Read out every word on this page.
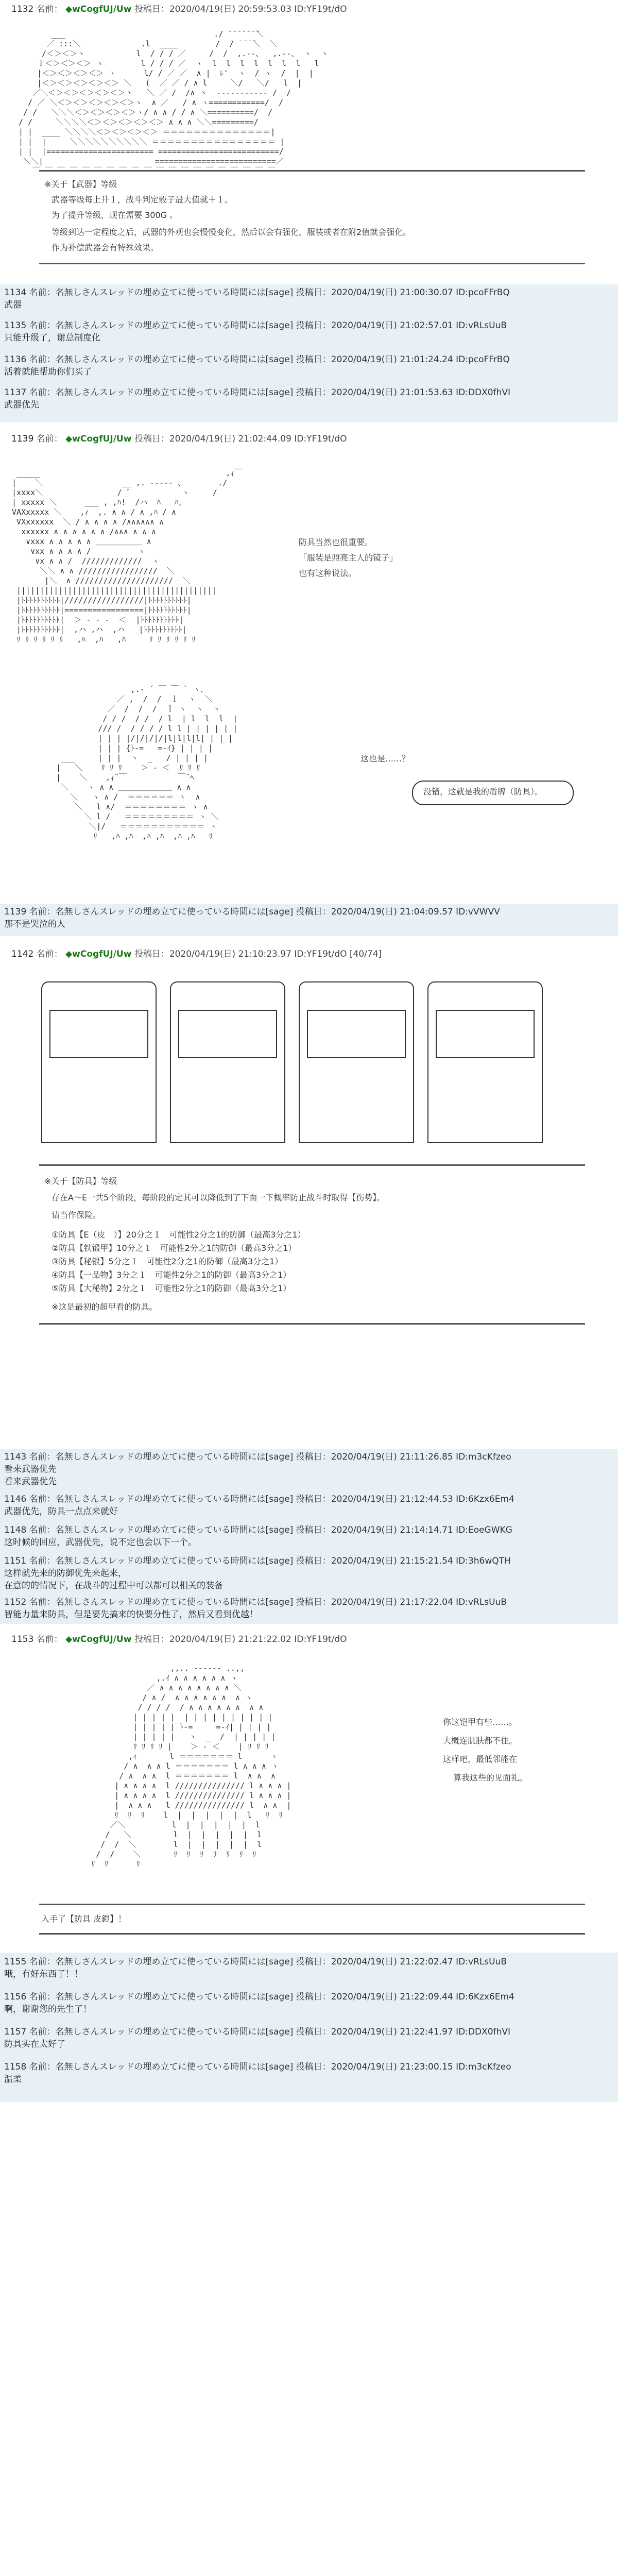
1132 名前： ◆wCogfUJ/Uw 投稿日：2020/04/19(日) 20:59:53.03 ID:YF19t/dO

___                                ./ ̄ ̄ ̄ ̄ ̄ ̄ ̄＼
／ :::＼             .l  ____        /  / ̄ ̄ ̄ ̄＼  ＼
/＜＞＜＞ヽ           l  / / / ／     /  /  ,.--、  ,.--、 ヽ  ヽ
ｌ＜＞＜＞＜＞ ヽ        l / / / ／  ヽ  l  l  l  l  l  l  l   l
|＜＞＜＞＜＞＜＞ ヽ      l/ / ／ ／  ∧ |  ﾚ'  ヽ  / ヽ  /  |  |
|＜＞＜＞＜＞＜＞＜＞ ＼   (  ／ ／ / ∧ l     ＼/   ＼/   l  |
／＼＜＞＜＞＜＞＜＞＜＞ヽ   ＼ ／ /  /∧ ヽ  ----------- /  /
/ ／ ＼＜＞＜＞＜＞＜＞＜＞ヽ  ∧ ／   / ∧ ヽ============/  /
/ /   ＼＼＼＜＞＜＞＜＞＜＞ヽ/ ∧ ∧ / / ∧ ＼==========/  /
/ /     ＼＼＼＼＜＞＜＞＜＞＜＞＜＞ ∧ ∧ ∧ ＼＼=========/
| |  ____ ＼＼＼＼＜＞＜＞＜＞＜＞ ＝＝＝＝＝＝＝＝＝＝＝＝＝＝|
| |  |     ＼＼＼＼＼＼＼＼＼＼ ＝＝＝＝＝＝＝＝＝＝＝＝＝＝＝＝ |
| |  |======================= ==========================/
＼＼|                        ==========================／
￣ ￣ ￣ ￣ ￣ ￣ ￣ ￣ ￣ ￣ ￣ ￣ ￣ ￣ ￣ ￣ ￣ ￣ ￣ ￣
※关于【武器】等级
武器等级每上升１，战斗判定骰子最大值就＋１。
为了提升等级，现在需要 300G 。
等级到达一定程度之后，武器的外观也会慢慢变化，然后以会有强化，服装或者在附2值就会强化。
作为补偿武器会有特殊效果。
1134 名前：名無しさんスレッドの埋め立てに使っている時間には[sage] 投稿日：2020/04/19(日) 21:00:30.07 ID:pcoFFrBQ
武器
1135 名前：名無しさんスレッドの埋め立てに使っている時間には[sage] 投稿日：2020/04/19(日) 21:02:57.01 ID:vRLsUuB
只能升级了，谢总制度化
1136 名前：名無しさんスレッドの埋め立てに使っている時間には[sage] 投稿日：2020/04/19(日) 21:01:24.24 ID:pcoFFrBQ
活着就能帮助你们买了
1137 名前：名無しさんスレッドの埋め立てに使っている時間には[sage] 投稿日：2020/04/19(日) 21:01:53.63 ID:DDX0fhVI
武器优先
1139 名前： ◆wCogfUJ/Uw 投稿日：2020/04/19(日) 21:02:44.09 ID:YF19t/dO

_____                                        ,ｨ￣
|    ＼                 __ ,. -‐‐‐- 、       ./
|xxxx＼                / ﾞ           ヽ     /
| xxxxx ＼      ___ , ,ﾊ!  /ハ  ﾊ   ﾊ、
VAXxxxxx ＼    ,ｨ  ,. ∧ ∧ / ∧ ,ﾊ / ∧
VXxxxxxx  ＼ / ∧ ∧ ∧ ∧ /∧∧∧∧∧∧ ∧
xxxxxx ∧ ∧ ∧ ∧ ∧ ∧ /∧∧∧ ∧ ∧ ∧
∨xxx ∧ ∧ ∧ ∧ ∧ ＿＿＿＿＿＿ ∧
∨xx ∧ ∧ ∧ ∧ /          ヽ
∨x ∧ ∧ /  /////////////  ヽ
＼＼ ∧ ∧ /////////////////  ＼
_____|＼  ∧ /////////////////////  ＼___
|||||||||||||||||||||||||||||||||||||||||||
|ﾄﾄﾄﾄﾄﾄﾄﾄﾄﾄ|/////////////////|ﾄﾄﾄﾄﾄﾄﾄﾄﾄﾄ|
|ﾄﾄﾄﾄﾄﾄﾄﾄﾄﾄ|=================|ﾄﾄﾄﾄﾄﾄﾄﾄﾄﾄ|
|ﾄﾄﾄﾄﾄﾄﾄﾄﾄﾄ|  ＞ ‐ - ‐  ＜  |ﾄﾄﾄﾄﾄﾄﾄﾄﾄﾄ|
|ﾄﾄﾄﾄﾄﾄﾄﾄﾄﾄ|  ,ハ ,ハ  ,ハ   |ﾄﾄﾄﾄﾄﾄﾄﾄﾄﾄ|
ﾘ ﾘ ﾘ ﾘ ﾘ ﾘ   ,ﾊ  ,ﾊ   ,ﾊ     ﾘ ﾘ ﾘ ﾘ ﾘ ﾘ
防具当然也很重要。
「服装是照亮主人的镜子」
也有这种说法。

,.- ´ ￣ ￣ ` ヽ、
／ ,  /  /  ｌ  ヽ  ＼
／  /  /  /  ｌ ヽ  ヽ  ヽ
/ / /  / /  / l  | l  l  l  |
/// /  / / / / l l | | | | | |
| | | |/|/|/|/|l|l|l|l| | | |
| | | {ﾄ-=   =-ｲ} | | | |
___     | | |  ヽ  _   / | | | |
|   ＼    ﾘ ﾘ ﾘ    ＞ ‐ ＜  ﾘ ﾘ ﾘ
|    ＼    ,ｨ¨￣           ￣¨ﾍ
＼    ヽ ∧ ∧ ＿＿＿＿＿＿＿ ∧ ∧
＼   ヽ ∧ /  ＝＝＝＝＝＝ ヽ  ∧
＼   l ∧/  ＝＝＝＝＝＝＝＝ ヽ ∧
＼ l /   ＝＝＝＝＝＝＝＝＝ ヽ ＼
＼|/   ＝＝＝＝＝＝＝＝＝＝＝ ヽ
ﾘ   ,ﾊ ,ﾊ  ,ﾊ ,ﾊ  ,ﾊ ,ﾊ   ﾘ
这也是……？
没错，这就是我的盾牌（防具）。
1139 名前：名無しさんスレッドの埋め立てに使っている時間には[sage] 投稿日：2020/04/19(日) 21:04:09.57 ID:vVWVV
那不是哭泣的人
1142 名前： ◆wCogfUJ/Uw 投稿日：2020/04/19(日) 21:10:23.97 ID:YF19t/dO [40/74]
※关于【防具】等级
存在A～E一共5个阶段，每阶段的定其可以降低到了下面一下概率防止战斗时取得【伤势】。
请当作保险。
①防具【E（皮　）】20分之１　可能性2分之1的防御（最高3分之1）
②防具【铁锻甲】10分之１　可能性2分之1的防御（最高3分之1）
③防具【秘银】5分之１　可能性2分之1的防御（最高3分之1）
④防具【一品物】3分之１　可能性2分之1的防御（最高3分之1）
⑤防具【大秘物】2分之１　可能性2分之1的防御（最高3分之1）
※这是最初的超甲看的防具。
1143 名前：名無しさんスレッドの埋め立てに使っている時間には[sage] 投稿日：2020/04/19(日) 21:11:26.85 ID:m3cKfzeo
看来武器优先
看来武器优先
1146 名前：名無しさんスレッドの埋め立てに使っている時間には[sage] 投稿日：2020/04/19(日) 21:12:44.53 ID:6Kzx6Em4
武器优先，防具一点点来就好
1148 名前：名無しさんスレッドの埋め立てに使っている時間には[sage] 投稿日：2020/04/19(日) 21:14:14.71 ID:EoeGWKG
这时候的回应，武器优先，说不定也会以下一个。
1151 名前：名無しさんスレッドの埋め立てに使っている時間には[sage] 投稿日：2020/04/19(日) 21:15:21.54 ID:3h6wQTH
这样就先来的防御优先来起来，
在意的的情况下，在战斗的过程中可以都可以相关的装备
1152 名前：名無しさんスレッドの埋め立てに使っている時間には[sage] 投稿日：2020/04/19(日) 21:17:22.04 ID:vRLsUuB
智能力量来防具，但是要先搞来的快要分性了，然后又看到优越！
1153 名前： ◆wCogfUJ/Uw 投稿日：2020/04/19(日) 21:21:22.02 ID:YF19t/dO

,,.. -‐‐‐‐‐ ..,,
,.ｲ ∧ ∧ ∧ ∧ ∧ ∧ ヽ
／ ∧ ∧ ∧ ∧ ∧ ∧ ∧ ∧ ＼
/ ∧ /  ∧ ∧ ∧ ∧ ∧ ∧  ∧ ヽ
/ / / /  / ∧ ∧ ∧ ∧ ∧ ∧  ∧ ∧
| | | | |  | | | | | | | | | |
| | | | | ﾄ-=     =-ｲ| | | | |
| | | | |   ヽ  _  /  | | | | |
ﾘ ﾘ ﾘ ﾘ |    ＞ ‐ ＜    | ﾘ ﾘ ﾘ
,ｨ       l ＝＝＝＝＝＝＝ l      ヽ
/ ∧  ∧ ∧ l ＝＝＝＝＝＝＝ l ∧ ∧ ∧ ヽ
/ ∧  ∧ ∧  l ＝＝＝＝＝＝＝ l  ∧ ∧  ∧
| ∧ ∧ ∧ ∧  l /////////////// l ∧ ∧ ∧ |
| ∧ ∧ ∧ ∧  l /////////////// l ∧ ∧ ∧ |
|  ∧ ∧ ∧   l /////////////// l  ∧ ∧  |
ﾘ  ﾘ  ﾘ    l  |  |  |  |  |  l   ﾘ  ﾘ
／＼          l  |  |  |  |  |  l
/   ＼         l  |  |  |  |  |  l
/  /  ＼        l  |  |  |  |  |  l
/  /    ＼       ﾘ  ﾘ  ﾘ  ﾘ  ﾘ  ﾘ  ﾘ
ﾘ  ﾘ      ﾘ
你这铠甲有些……。
大概连肌肤都不住。
这样吧，最低邻能在
算我这些的见面礼。
入手了【防具 皮鎧】！
1155 名前：名無しさんスレッドの埋め立てに使っている時間には[sage] 投稿日：2020/04/19(日) 21:22:02.47 ID:vRLsUuB
哦，有好东西了！！
1156 名前：名無しさんスレッドの埋め立てに使っている時間には[sage] 投稿日：2020/04/19(日) 21:22:09.44 ID:6Kzx6Em4
啊，谢谢您的先生了！
1157 名前：名無しさんスレッドの埋め立てに使っている時間には[sage] 投稿日：2020/04/19(日) 21:22:41.97 ID:DDX0fhVI
防具实在太好了
1158 名前：名無しさんスレッドの埋め立てに使っている時間には[sage] 投稿日：2020/04/19(日) 21:23:00.15 ID:m3cKfzeo
温柔
